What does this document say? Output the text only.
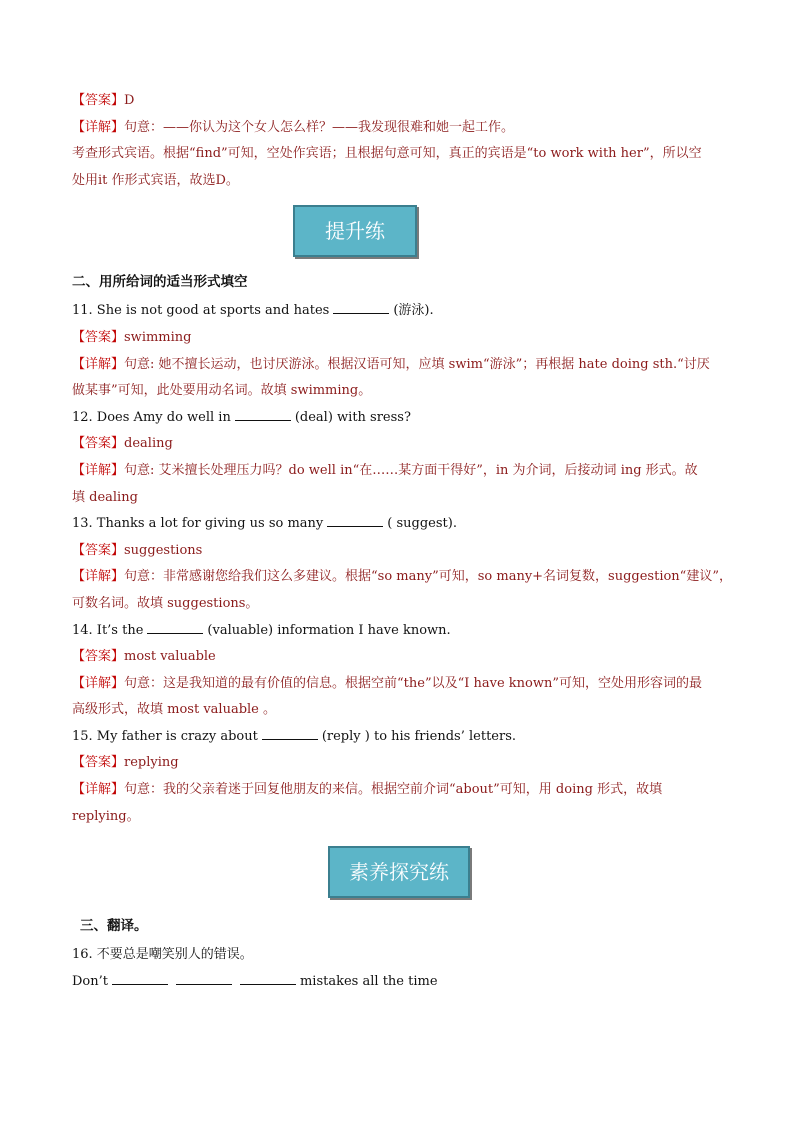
【答案】D
【详解】句意：——你认为这个女人怎么样？——我发现很难和她一起工作。
考查形式宾语。根据“find”可知，空处作宾语；且根据句意可知，真正的宾语是“to work with her”，所以空
处用it 作形式宾语，故选D。
提升练
二、用所给词的适当形式填空
11. She is not good at sports and hates	(游泳).
【答案】swimming
【详解】句意: 她不擅长运动，也讨厌游泳。根据汉语可知，应填 swim“游泳”；再根据 hate doing sth.“讨厌
做某事”可知，此处要用动名词。故填 swimming。
12. Does Amy do well in	(deal) with sress?
【答案】dealing
【详解】句意: 艾米擅长处理压力吗？do well in“在……某方面干得好”，in 为介词，后接动词 ing 形式。故
填 dealing
13. Thanks a lot for giving us so many	( suggest).
【答案】suggestions
【详解】句意：非常感谢您给我们这么多建议。根据“so many”可知，so many+名词复数，suggestion“建议”，
可数名词。故填 suggestions。
14. It’s the	(valuable) information I have known.
【答案】most valuable
【详解】句意：这是我知道的最有价值的信息。根据空前“the”以及“I have known”可知，空处用形容词的最
高级形式，故填 most valuable 。
15. My father is crazy about	(reply ) to his friends’ letters.
【答案】replying
【详解】句意：我的父亲着迷于回复他朋友的来信。根据空前介词“about”可知，用 doing 形式，故填
replying。
素养探究练
三、翻译。
16. 不要总是嘲笑别人的错误。
Don’t	mistakes all the time
